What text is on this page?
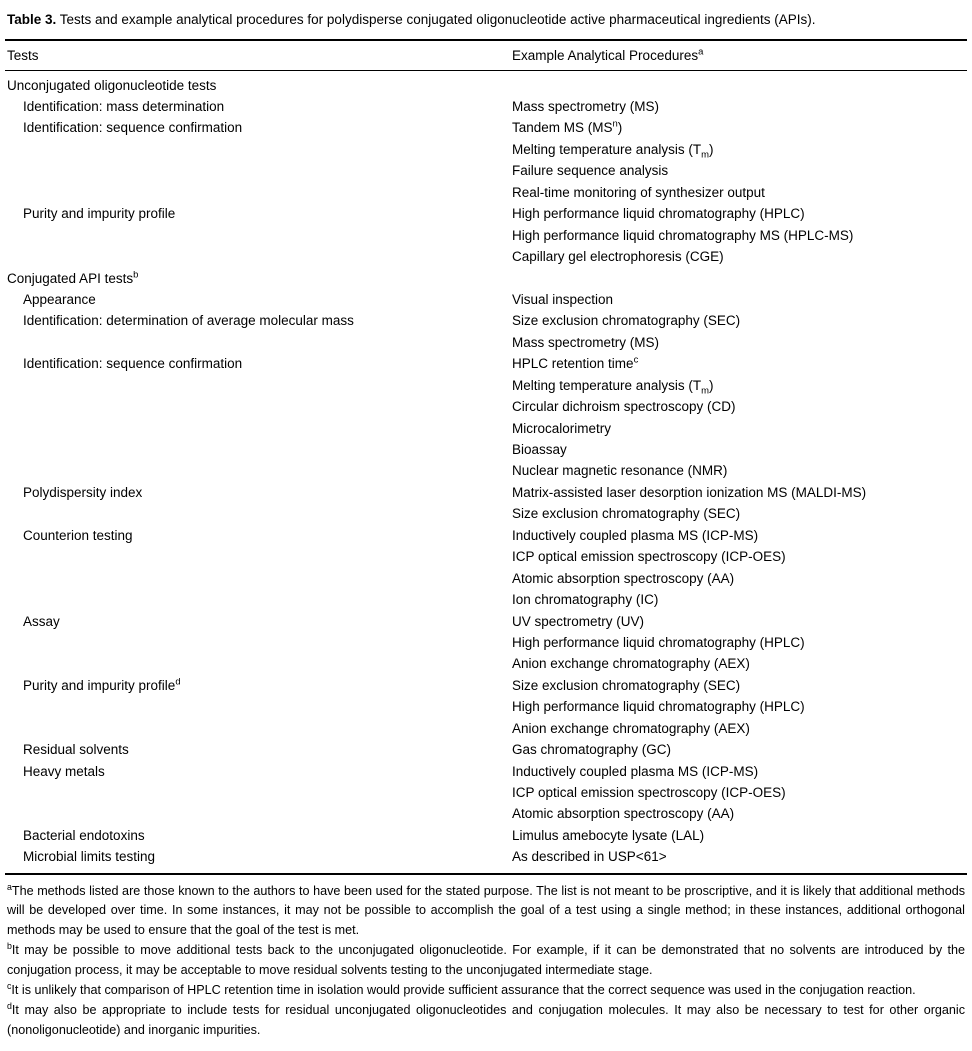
Table 3. Tests and example analytical procedures for polydisperse conjugated oligonucleotide active pharmaceutical ingredients (APIs).
Tests	Example Analytical Procedures$^a$
Unconjugated oligonucleotide tests	
Identification: mass determination	Mass spectrometry (MS)
Identification: sequence confirmation	Tandem MS $(MS^n)$
	Melting temperature analysis $(T_m)$
	Failure sequence analysis
	Real-time monitoring of synthesizer output
Purity and impurity profile	High performance liquid chromatography (HPLC)
	High performance liquid chromatography MS (HPLC-MS)
	Capillary gel electrophoresis (CGE)
Conjugated API tests$^b$	
Appearance	Visual inspection
Identification: determination of average molecular mass	Size exclusion chromatography (SEC)
	Mass spectrometry (MS)
Identification: sequence confirmation	HPLC retention time$^c$
	Melting temperature analysis $(T_m)$
	Circular dichroism spectroscopy (CD)
	Microcalorimetry
	Bioassay
	Nuclear magnetic resonance (NMR)
Polydispersity index	Matrix-assisted laser desorption ionization MS (MALDI-MS)
	Size exclusion chromatography (SEC)
Counterion testing	Inductively coupled plasma MS (ICP-MS)
	ICP optical emission spectroscopy (ICP-OES)
	Atomic absorption spectroscopy (AA)
	Ion chromatography (IC)
Assay	UV spectrometry (UV)
	High performance liquid chromatography (HPLC)
	Anion exchange chromatography (AEX)
Purity and impurity profile$^d$	Size exclusion chromatography (SEC)
	High performance liquid chromatography (HPLC)
	Anion exchange chromatography (AEX)
Residual solvents	Gas chromatography (GC)
Heavy metals	Inductively coupled plasma MS (ICP-MS)
	ICP optical emission spectroscopy (ICP-OES)
	Atomic absorption spectroscopy (AA)
Bacterial endotoxins	Limulus amebocyte lysate (LAL)
Microbial limits testing	As described in USP<61>
$^a$The methods listed are those known to the authors to have been used for the stated purpose. The list is not meant to be proscriptive, and it is likely that additional methods will be developed over time. In some instances, it may not be possible to accomplish the goal of a test using a single method; in these instances, additional orthogonal methods may be used to ensure that the goal of the test is met.
$^b$It may be possible to move additional tests back to the unconjugated oligonucleotide. For example, if it can be demonstrated that no solvents are introduced by the conjugation process, it may be acceptable to move residual solvents testing to the unconjugated intermediate stage.
$^c$It is unlikely that comparison of HPLC retention time in isolation would provide sufficient assurance that the correct sequence was used in the conjugation reaction.
$^d$It may also be appropriate to include tests for residual unconjugated oligonucleotides and conjugation molecules. It may also be necessary to test for other organic (nonoligonucleotide) and inorganic impurities.
